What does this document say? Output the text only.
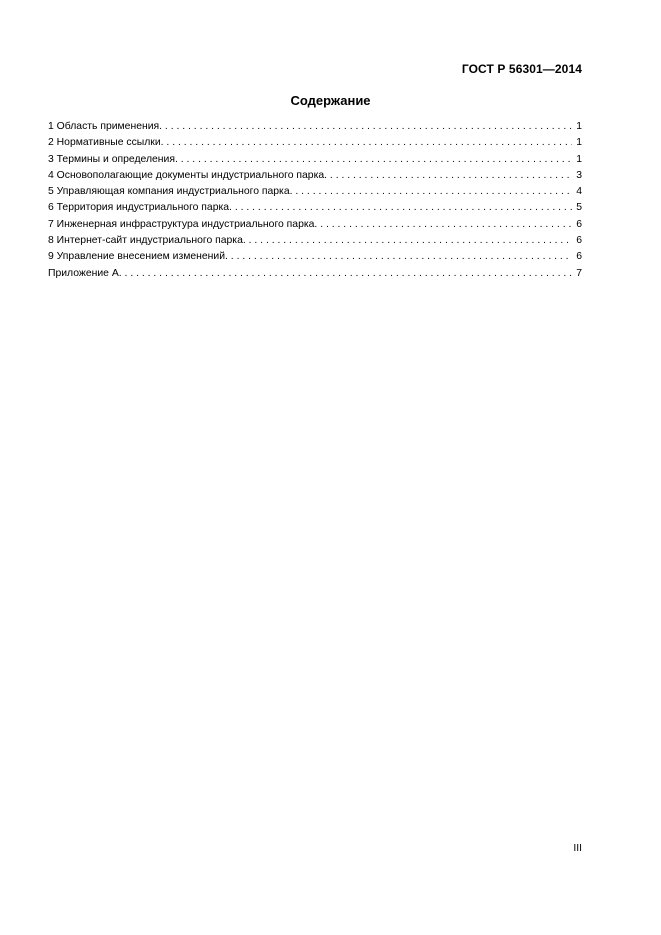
ГОСТ Р 56301—2014
Содержание
1 Область применения . . .	1
2 Нормативные ссылки . . .	1
3 Термины и определения . . .	1
4 Основополагающие документы индустриального парка . . .	3
5 Управляющая компания индустриального парка . . .	4
6 Территория индустриального парка . . .	5
7 Инженерная инфраструктура индустриального парка . . .	6
8 Интернет-сайт индустриального парка . . .	6
9 Управление внесением изменений . . .	6
Приложение А . . .	7
III
